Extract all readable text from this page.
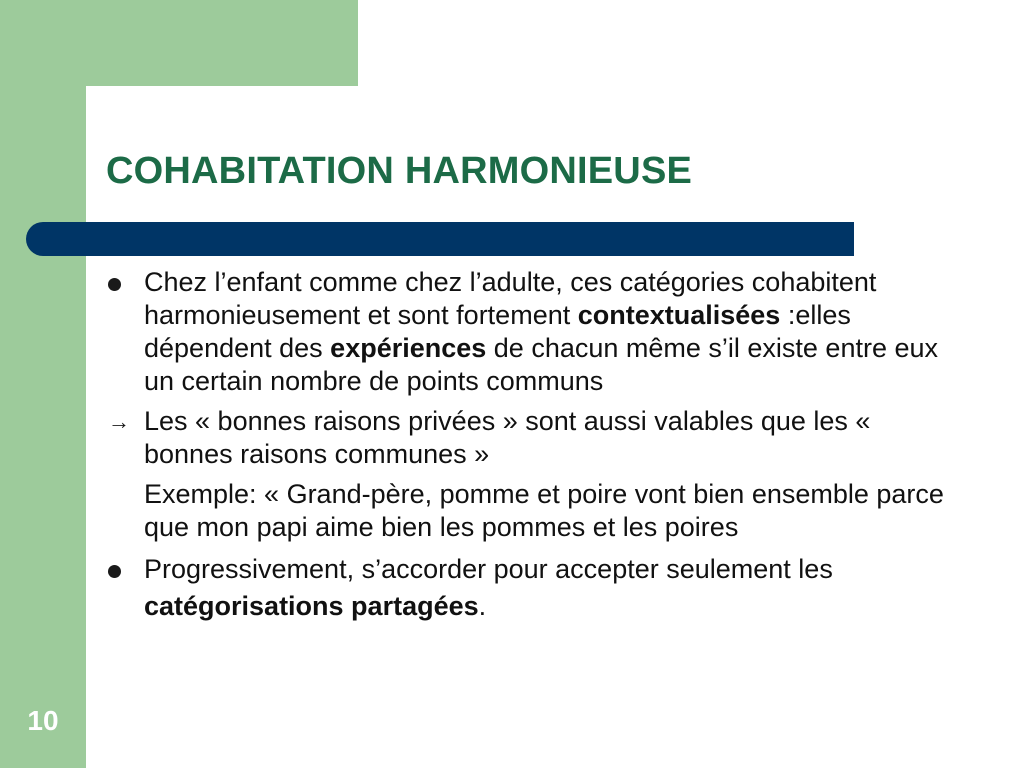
COHABITATION HARMONIEUSE

Chez l’enfant comme chez l’adulte, ces catégories cohabitent harmonieusement et sont fortement contextualisées :elles dépendent des expériences de chacun même s’il existe entre eux un certain nombre de points communs

→ Les « bonnes raisons privées » sont aussi valables que les « bonnes raisons communes »

Exemple: « Grand-père, pomme et poire vont bien ensemble parce que mon papi aime bien les pommes et les poires

Progressivement, s’accorder pour accepter seulement les catégorisations partagées.

10
